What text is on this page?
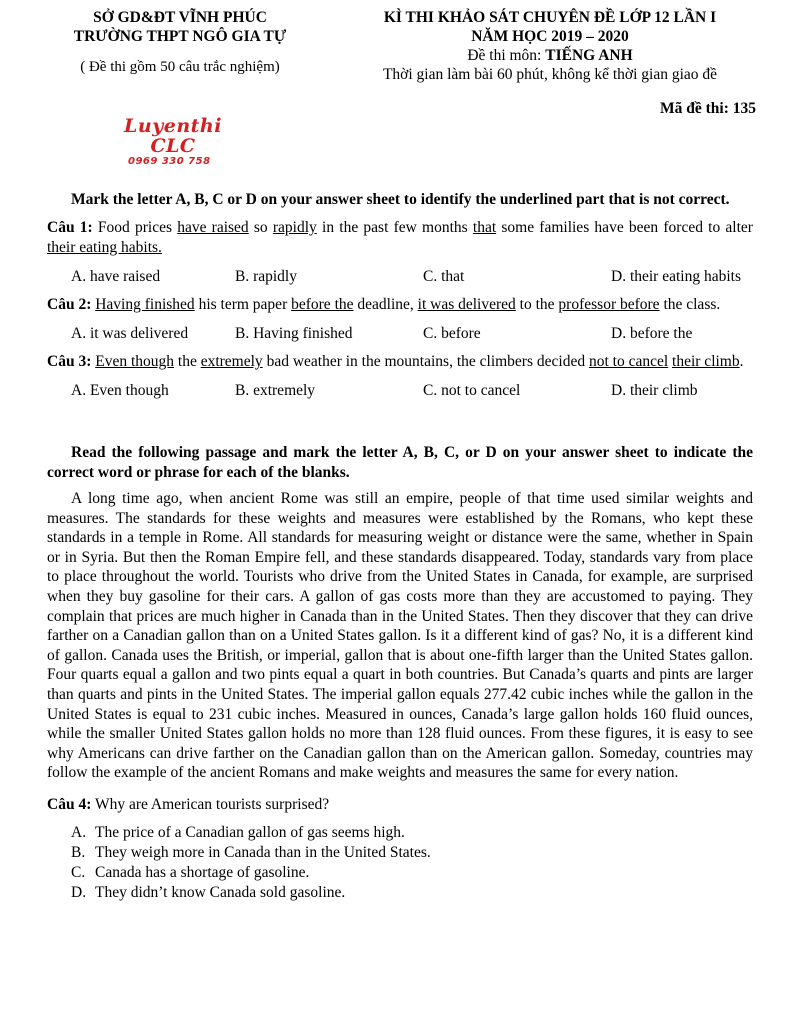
SỞ GD&ĐT VĨNH PHÚC
TRƯỜNG THPT NGÔ GIA TỰ
( Đề thi gồm 50 câu trắc nghiệm)
KÌ THI KHẢO SÁT CHUYÊN ĐỀ LỚP 12 LẦN I
NĂM HỌC 2019 – 2020
Đề thi môn: TIẾNG ANH
Thời gian làm bài 60 phút, không kể thời gian giao đề
Mã đề thi: 135
Luyenthi CLC
0969 330 758
Mark the letter A, B, C or D on your answer sheet to identify the underlined part that is not correct.
Câu 1: Food prices have raised so rapidly in the past few months that some families have been forced to alter their eating habits.
A. have raised	B. rapidly	C. that	D. their eating habits
Câu 2: Having finished his term paper before the deadline, it was delivered to the professor before the class.
A. it was delivered	B. Having finished	C. before	D. before the
Câu 3: Even though the extremely bad weather in the mountains, the climbers decided not to cancel their climb.
A. Even though	B. extremely	C. not to cancel	D. their climb
Read the following passage and mark the letter A, B, C, or D on your answer sheet to indicate the correct word or phrase for each of the blanks.
A long time ago, when ancient Rome was still an empire, people of that time used similar weights and measures. The standards for these weights and measures were established by the Romans, who kept these standards in a temple in Rome. All standards for measuring weight or distance were the same, whether in Spain or in Syria. But then the Roman Empire fell, and these standards disappeared. Today, standards vary from place to place throughout the world. Tourists who drive from the United States in Canada, for example, are surprised when they buy gasoline for their cars. A gallon of gas costs more than they are accustomed to paying. They complain that prices are much higher in Canada than in the United States. Then they discover that they can drive farther on a Canadian gallon than on a United States gallon. Is it a different kind of gas? No, it is a different kind of gallon. Canada uses the British, or imperial, gallon that is about one-fifth larger than the United States gallon. Four quarts equal a gallon and two pints equal a quart in both countries. But Canada’s quarts and pints are larger than quarts and pints in the United States. The imperial gallon equals 277.42 cubic inches while the gallon in the United States is equal to 231 cubic inches. Measured in ounces, Canada’s large gallon holds 160 fluid ounces, while the smaller United States gallon holds no more than 128 fluid ounces. From these figures, it is easy to see why Americans can drive farther on the Canadian gallon than on the American gallon. Someday, countries may follow the example of the ancient Romans and make weights and measures the same for every nation.
Câu 4: Why are American tourists surprised?
A. The price of a Canadian gallon of gas seems high.
B. They weigh more in Canada than in the United States.
C. Canada has a shortage of gasoline.
D. They didn’t know Canada sold gasoline.
